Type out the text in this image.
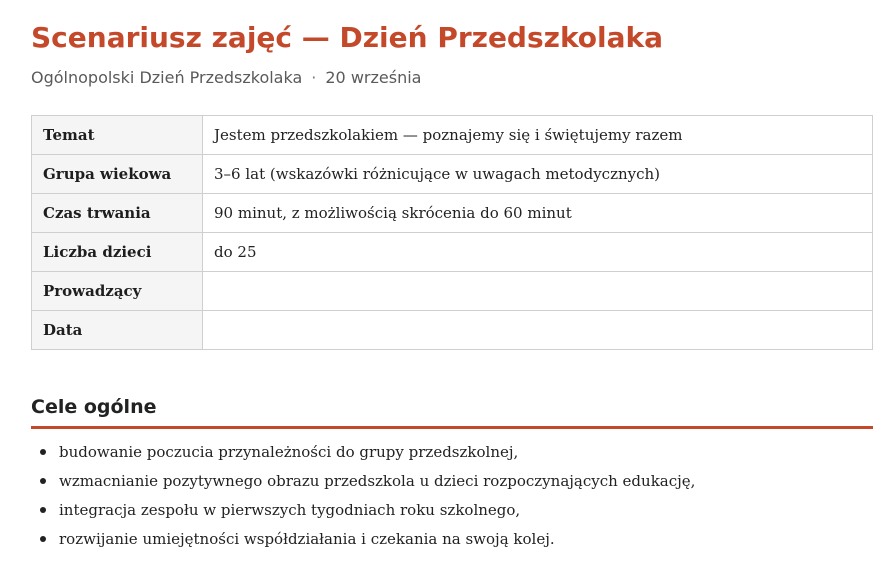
Scenariusz zajęć — Dzień Przedszkolaka
Ogólnopolski Dzień Przedszkolaka · 20 września
Temat	Jestem przedszkolakiem — poznajemy się i świętujemy razem
Grupa wiekowa	3–6 lat (wskazówki różnicujące w uwagach metodycznych)
Czas trwania	90 minut, z możliwością skrócenia do 60 minut
Liczba dzieci	do 25
Prowadzący	
Data	
Cele ogólne
budowanie poczucia przynależności do grupy przedszkolnej,
wzmacnianie pozytywnego obrazu przedszkola u dzieci rozpoczynających edukację,
integracja zespołu w pierwszych tygodniach roku szkolnego,
rozwijanie umiejętności współdziałania i czekania na swoją kolej.
